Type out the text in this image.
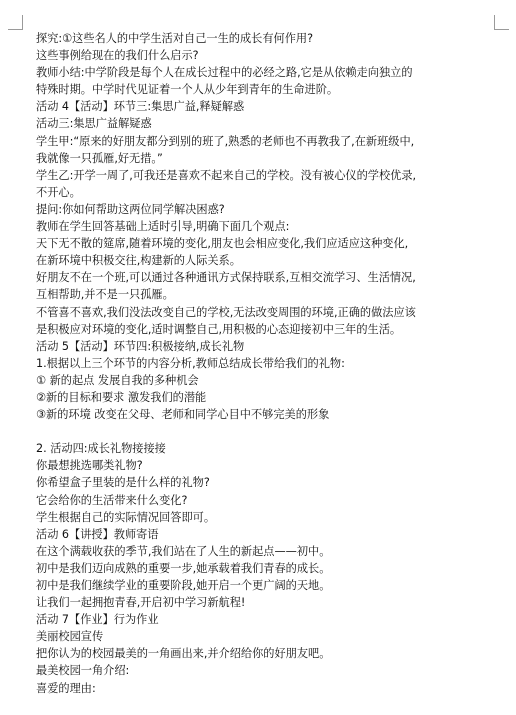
探究:①这些名人的中学生活对自己一生的成长有何作用?
这些事例给现在的我们什么启示?
教师小结:中学阶段是每个人在成长过程中的必经之路,它是从依赖走向独立的
特殊时期。中学时代见证着一个人从少年到青年的生命进阶。
活动 4【活动】环节三:集思广益,释疑解惑
活动三:集思广益解疑惑
学生甲:“原来的好朋友都分到别的班了,熟悉的老师也不再教我了,在新班级中,
我就像一只孤雁,好无措。”
学生乙:开学一周了,可我还是喜欢不起来自己的学校。没有被心仪的学校优录,
不开心。
提问:你如何帮助这两位同学解决困惑?
教师在学生回答基础上适时引导,明确下面几个观点:
天下无不散的筵席,随着环境的变化,朋友也会相应变化,我们应适应这种变化,
在新环境中积极交往,构建新的人际关系。
好朋友不在一个班,可以通过各种通讯方式保持联系,互相交流学习、生活情况,
互相帮助,并不是一只孤雁。
不管喜不喜欢,我们没法改变自己的学校,无法改变周围的环境,正确的做法应该
是积极应对环境的变化,适时调整自己,用积极的心态迎接初中三年的生活。
活动 5【活动】环节四:积极接纳,成长礼物
1.根据以上三个环节的内容分析,教师总结成长带给我们的礼物:
① 新的起点 发展自我的多种机会
②新的目标和要求 激发我们的潜能
③新的环境 改变在父母、老师和同学心目中不够完美的形象
2. 活动四:成长礼物接接接
你最想挑选哪类礼物?
你希望盒子里装的是什么样的礼物?
它会给你的生活带来什么变化?
学生根据自己的实际情况回答即可。
活动 6【讲授】教师寄语
在这个满载收获的季节,我们站在了人生的新起点——初中。
初中是我们迈向成熟的重要一步,她承载着我们青春的成长。
初中是我们继续学业的重要阶段,她开启一个更广阔的天地。
让我们一起拥抱青春,开启初中学习新航程!
活动 7【作业】行为作业
美丽校园宣传
把你认为的校园最美的一角画出来,并介绍给你的好朋友吧。
最美校园一角介绍:
喜爱的理由:
